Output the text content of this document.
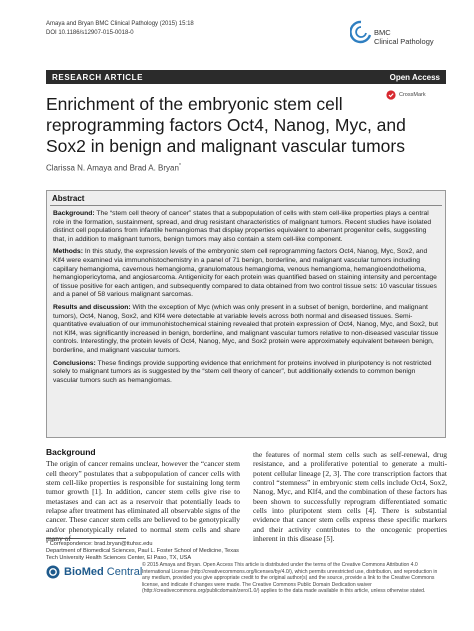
Amaya and Bryan BMC Clinical Pathology (2015) 15:18
DOI 10.1186/s12907-015-0018-0	BMC
Clinical Pathology
RESEARCH ARTICLE	Open Access
CrossMark
Enrichment of the embryonic stem cell reprogramming factors Oct4, Nanog, Myc, and Sox2 in benign and malignant vascular tumors
Clarissa N. Amaya and Brad A. Bryan*
Abstract

Background: The “stem cell theory of cancer” states that a subpopulation of cells with stem cell-like properties plays a central role in the formation, sustainment, spread, and drug resistant characteristics of malignant tumors. Recent studies have isolated distinct cell populations from infantile hemangiomas that display properties equivalent to aberrant progenitor cells, suggesting that, in addition to malignant tumors, benign tumors may also contain a stem cell-like component.

Methods: In this study, the expression levels of the embryonic stem cell reprogramming factors Oct4, Nanog, Myc, Sox2, and Klf4 were examined via immunohistochemistry in a panel of 71 benign, borderline, and malignant vascular tumors including capillary hemangioma, cavernous hemangioma, granulomatous hemangioma, venous hemangioma, hemangioendothelioma, hemangiopericytoma, and angiosarcoma. Antigenicity for each protein was quantified based on staining intensity and percentage of tissue positive for each antigen, and subsequently compared to data obtained from two control tissue sets: 10 vascular tissues and a panel of 58 various malignant sarcomas.

Results and discussion: With the exception of Myc (which was only present in a subset of benign, borderline, and malignant tumors), Oct4, Nanog, Sox2, and Klf4 were detectable at variable levels across both normal and diseased tissues. Semi-quantitative evaluation of our immunohistochemical staining revealed that protein expression of Oct4, Nanog, Myc, and Sox2, but not Klf4, was significantly increased in benign, borderline, and malignant vascular tumors relative to non-diseased vascular tissue controls. Interestingly, the protein levels of Oct4, Nanog, Myc, and Sox2 protein were approximately equivalent between benign, borderline, and malignant vascular tumors.

Conclusions: These findings provide supporting evidence that enrichment for proteins involved in pluripotency is not restricted solely to malignant tumors as is suggested by the “stem cell theory of cancer”, but additionally extends to common benign vascular tumors such as hemangiomas.

Background
The origin of cancer remains unclear, however the “cancer stem cell theory” postulates that a subpopulation of cancer cells with stem cell-like properties is responsible for sustaining long term tumor growth [1]. In addition, cancer stem cells give rise to metastases and can act as a reservoir that potentially leads to relapse after treatment has eliminated all observable signs of the cancer. These cancer stem cells are believed to be genotypically and/or phenotypically related to normal stem cells and share many of
the features of normal stem cells such as self-renewal, drug resistance, and a proliferative potential to generate a multi-potent cellular lineage [2, 3]. The core transcription factors that control “stemness” in embryonic stem cells include Oct4, Sox2, Nanog, Myc, and Klf4, and the combination of these factors has been shown to successfully reprogram differentiated somatic cells into pluripotent stem cells [4]. There is substantial evidence that cancer stem cells express these specific markers and their activity contributes to the oncogenic properties inherent in this disease [5].
* Correspondence: brad.bryan@ttuhsc.edu
Department of Biomedical Sciences, Paul L. Foster School of Medicine, Texas Tech University Health Sciences Center, El Paso, TX, USA
BioMed Central

© 2015 Amaya and Bryan. Open Access This article is distributed under the terms of the Creative Commons Attribution 4.0 International License (http://creativecommons.org/licenses/by/4.0/), which permits unrestricted use, distribution, and reproduction in any medium, provided you give appropriate credit to the original author(s) and the source, provide a link to the Creative Commons license, and indicate if changes were made. The Creative Commons Public Domain Dedication waiver (http://creativecommons.org/publicdomain/zero/1.0/) applies to the data made available in this article, unless otherwise stated.
